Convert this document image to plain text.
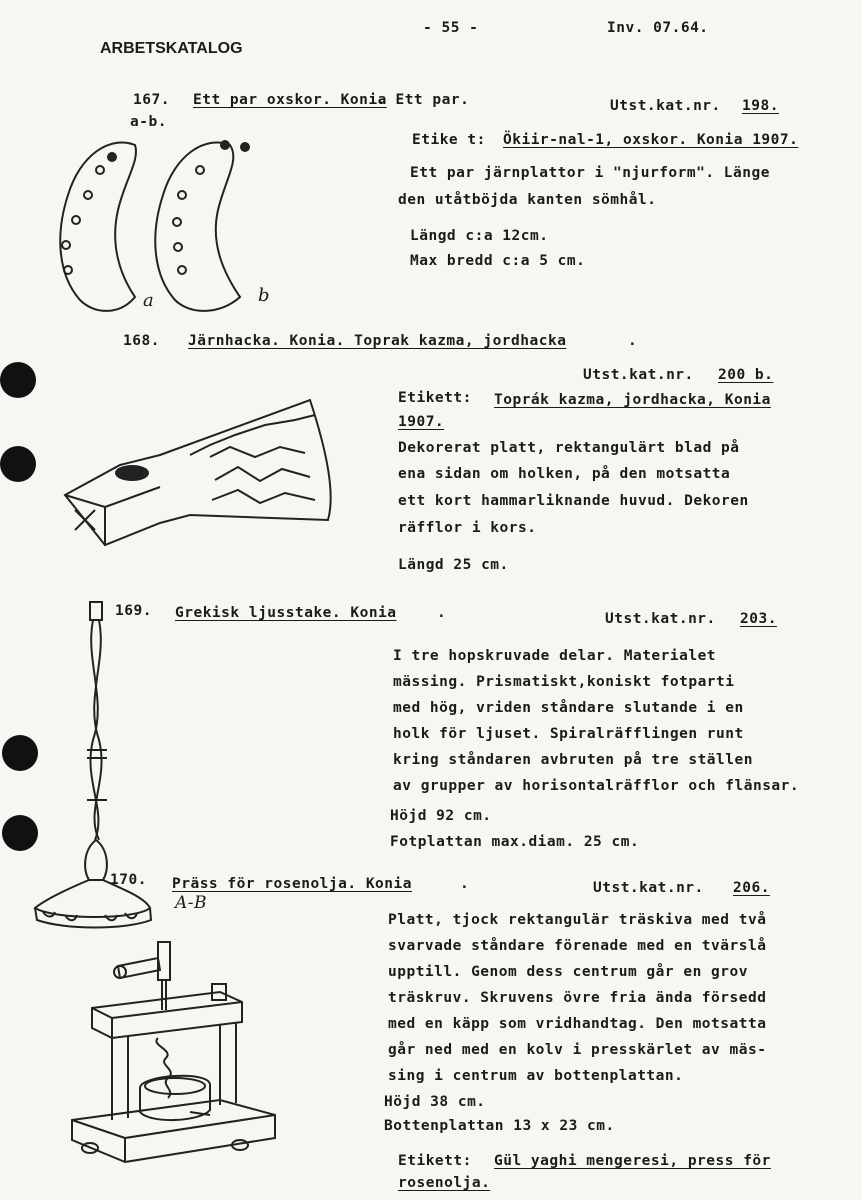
- 55 -	Inv. 07.64.
ARBETSKATALOG
167. Ett par oxskor. Konia
. Ett par.
a-b.
Utst.kat.nr. 198.
Etike t: Ökiir-nal-1, oxskor. Konia 1907.
Ett par järnplattor i "njurform". Länge
den utåtböjda kanten sömhål.
Längd c:a 12cm.
Max bredd c:a 5 cm.
a	b
168. Järnhacka. Konia. Toprak kazma, jordhacka	.
Utst.kat.nr. 200 b.
Etikett: Toprák kazma, jordhacka, Konia
1907.
Dekorerat platt, rektangulärt blad på
ena sidan om holken, på den motsatta
ett kort hammarliknande huvud. Dekoren
räfflor i kors.
Längd 25 cm.
169. Grekisk ljusstake. Konia	.	Utst.kat.nr. 203.
I tre hopskruvade delar. Materialet
mässing. Prismatiskt,koniskt fotparti
med hög, vriden ståndare slutande i en
holk för ljuset. Spiralräfflingen runt
kring ståndaren avbruten på tre ställen
av grupper av horisontalräfflor och flänsar.
Höjd 92 cm.
Fotplattan max.diam. 25 cm.
170. Präss för rosenolja. Konia	.
A-B
Utst.kat.nr. 206.
Platt, tjock rektangulär träskiva med två
svarvade ståndare förenade med en tvärslå
upptill. Genom dess centrum går en grov
träskruv. Skruvens övre fria ända försedd
med en käpp som vridhandtag. Den motsatta
går ned med en kolv i presskärlet av mäs-
sing i centrum av bottenplattan.
Höjd 38 cm.
Bottenplattan 13 x 23 cm.
Etikett: Gül yaghi mengeresi, press för
rosenolja.
